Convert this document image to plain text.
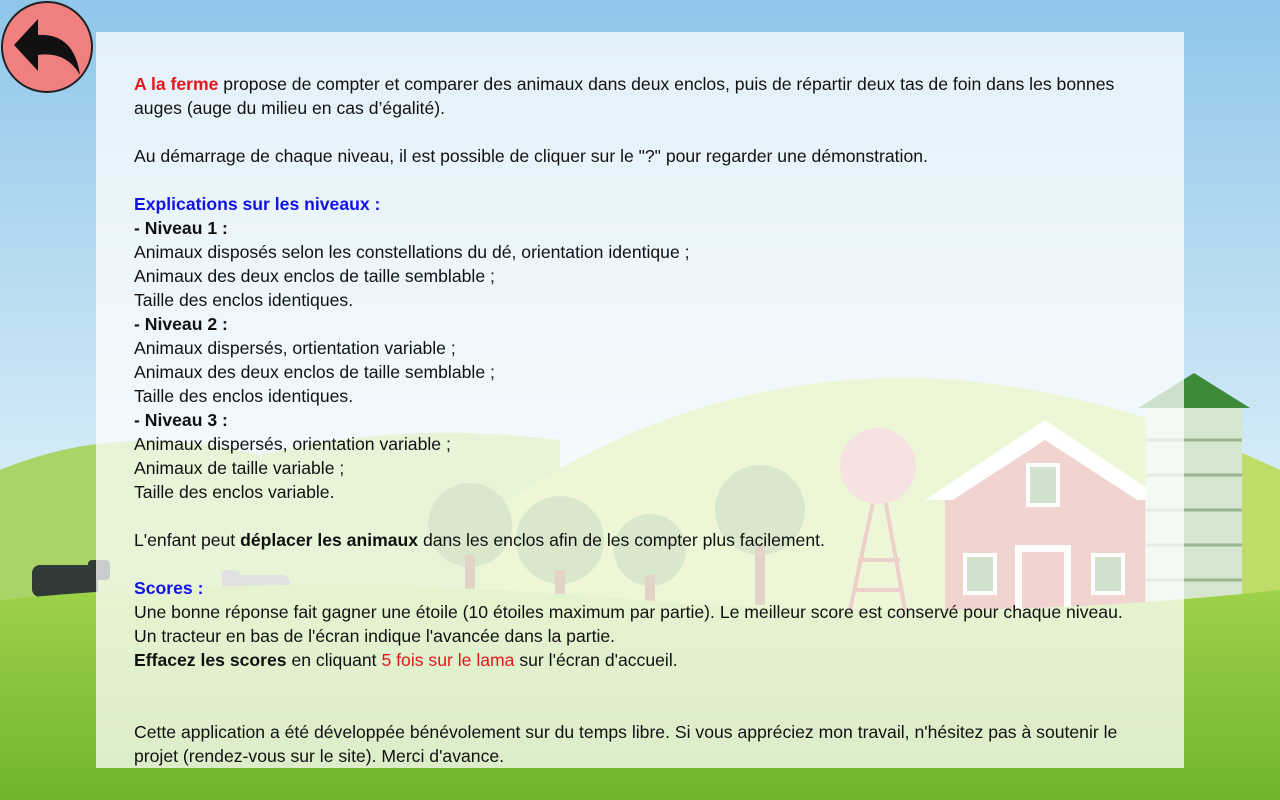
A la ferme propose de compter et comparer des animaux dans deux enclos, puis de répartir deux tas de foin dans les bonnes auges (auge du milieu en cas d’égalité).

Au démarrage de chaque niveau, il est possible de cliquer sur le "?" pour regarder une démonstration.

Explications sur les niveaux :

- Niveau 1 :

Animaux disposés selon les constellations du dé, orientation identique ;

Animaux des deux enclos de taille semblable ;

Taille des enclos identiques.

- Niveau 2 :

Animaux dispersés, ortientation variable ;

Animaux des deux enclos de taille semblable ;

Taille des enclos identiques.

- Niveau 3 :

Animaux dispersés, orientation variable ;

Animaux de taille variable ;

Taille des enclos variable.

L'enfant peut déplacer les animaux dans les enclos afin de les compter plus facilement.

Scores :

Une bonne réponse fait gagner une étoile (10 étoiles maximum par partie). Le meilleur score est conservé pour chaque niveau. Un tracteur en bas de l'écran indique l'avancée dans la partie.

Effacez les scores en cliquant 5 fois sur le lama sur l'écran d'accueil.

Cette application a été développée bénévolement sur du temps libre. Si vous appréciez mon travail, n'hésitez pas à soutenir le projet (rendez-vous sur le site). Merci d'avance.
